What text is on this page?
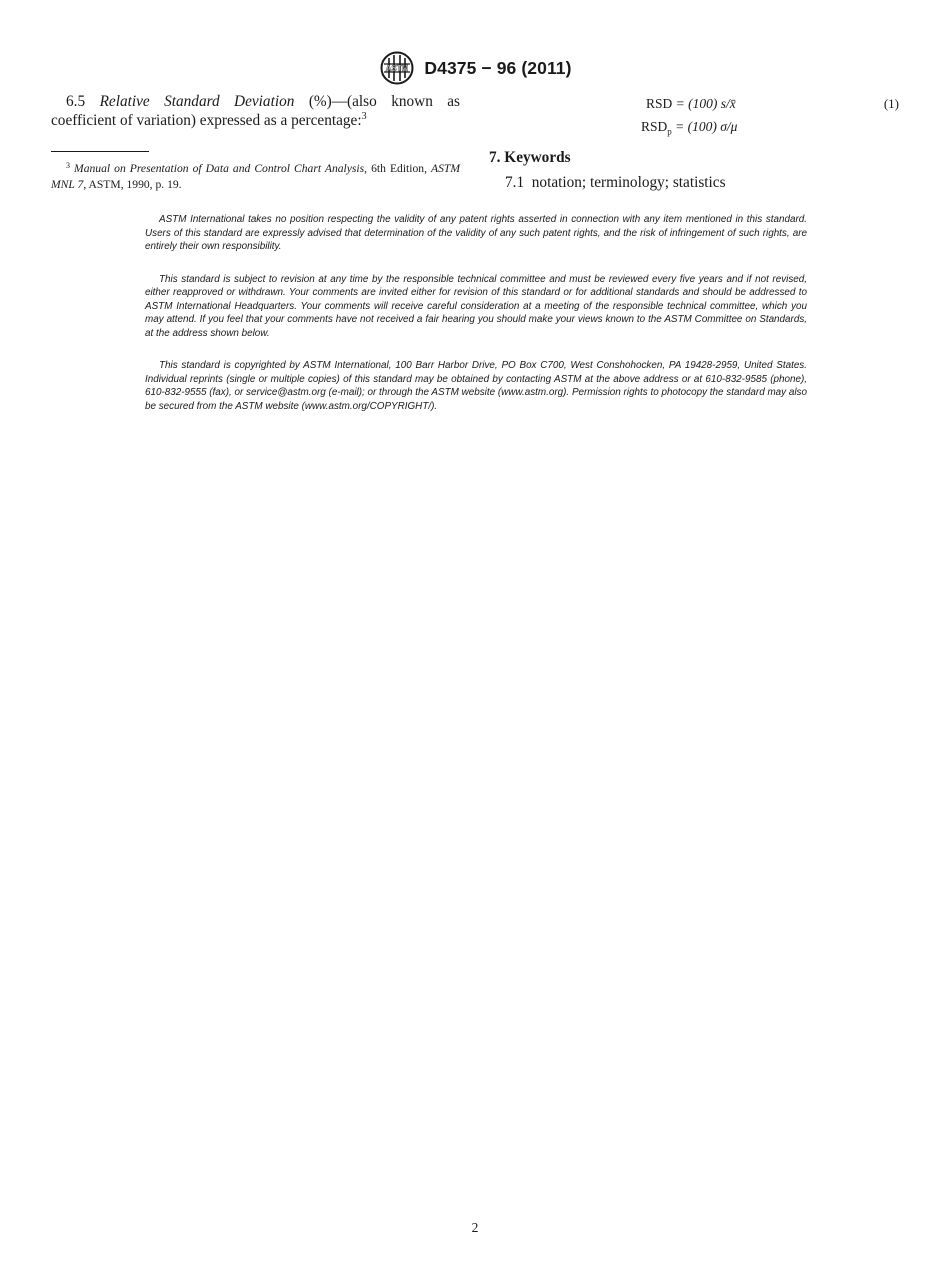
ASTM D4375 − 96 (2011)

6.5 Relative Standard Deviation (%)—(also known as coefficient of variation) expressed as a percentage:$^3$

$^3$ Manual on Presentation of Data and Control Chart Analysis, 6th Edition, ASTM MNL 7, ASTM, 1990, p. 19.
RSD = (100) s/x̄	(1)
$RSD_p = (100)$ σ/μ
7. Keywords
7.1 notation; terminology; statistics

ASTM International takes no position respecting the validity of any patent rights asserted in connection with any item mentioned in this standard. Users of this standard are expressly advised that determination of the validity of any such patent rights, and the risk of infringement of such rights, are entirely their own responsibility.

This standard is subject to revision at any time by the responsible technical committee and must be reviewed every five years and if not revised, either reapproved or withdrawn. Your comments are invited either for revision of this standard or for additional standards and should be addressed to ASTM International Headquarters. Your comments will receive careful consideration at a meeting of the responsible technical committee, which you may attend. If you feel that your comments have not received a fair hearing you should make your views known to the ASTM Committee on Standards, at the address shown below.

This standard is copyrighted by ASTM International, 100 Barr Harbor Drive, PO Box C700, West Conshohocken, PA 19428-2959, United States. Individual reprints (single or multiple copies) of this standard may be obtained by contacting ASTM at the above address or at 610-832-9585 (phone), 610-832-9555 (fax), or service@astm.org (e-mail); or through the ASTM website (www.astm.org). Permission rights to photocopy the standard may also be secured from the ASTM website (www.astm.org/COPYRIGHT/).

2
